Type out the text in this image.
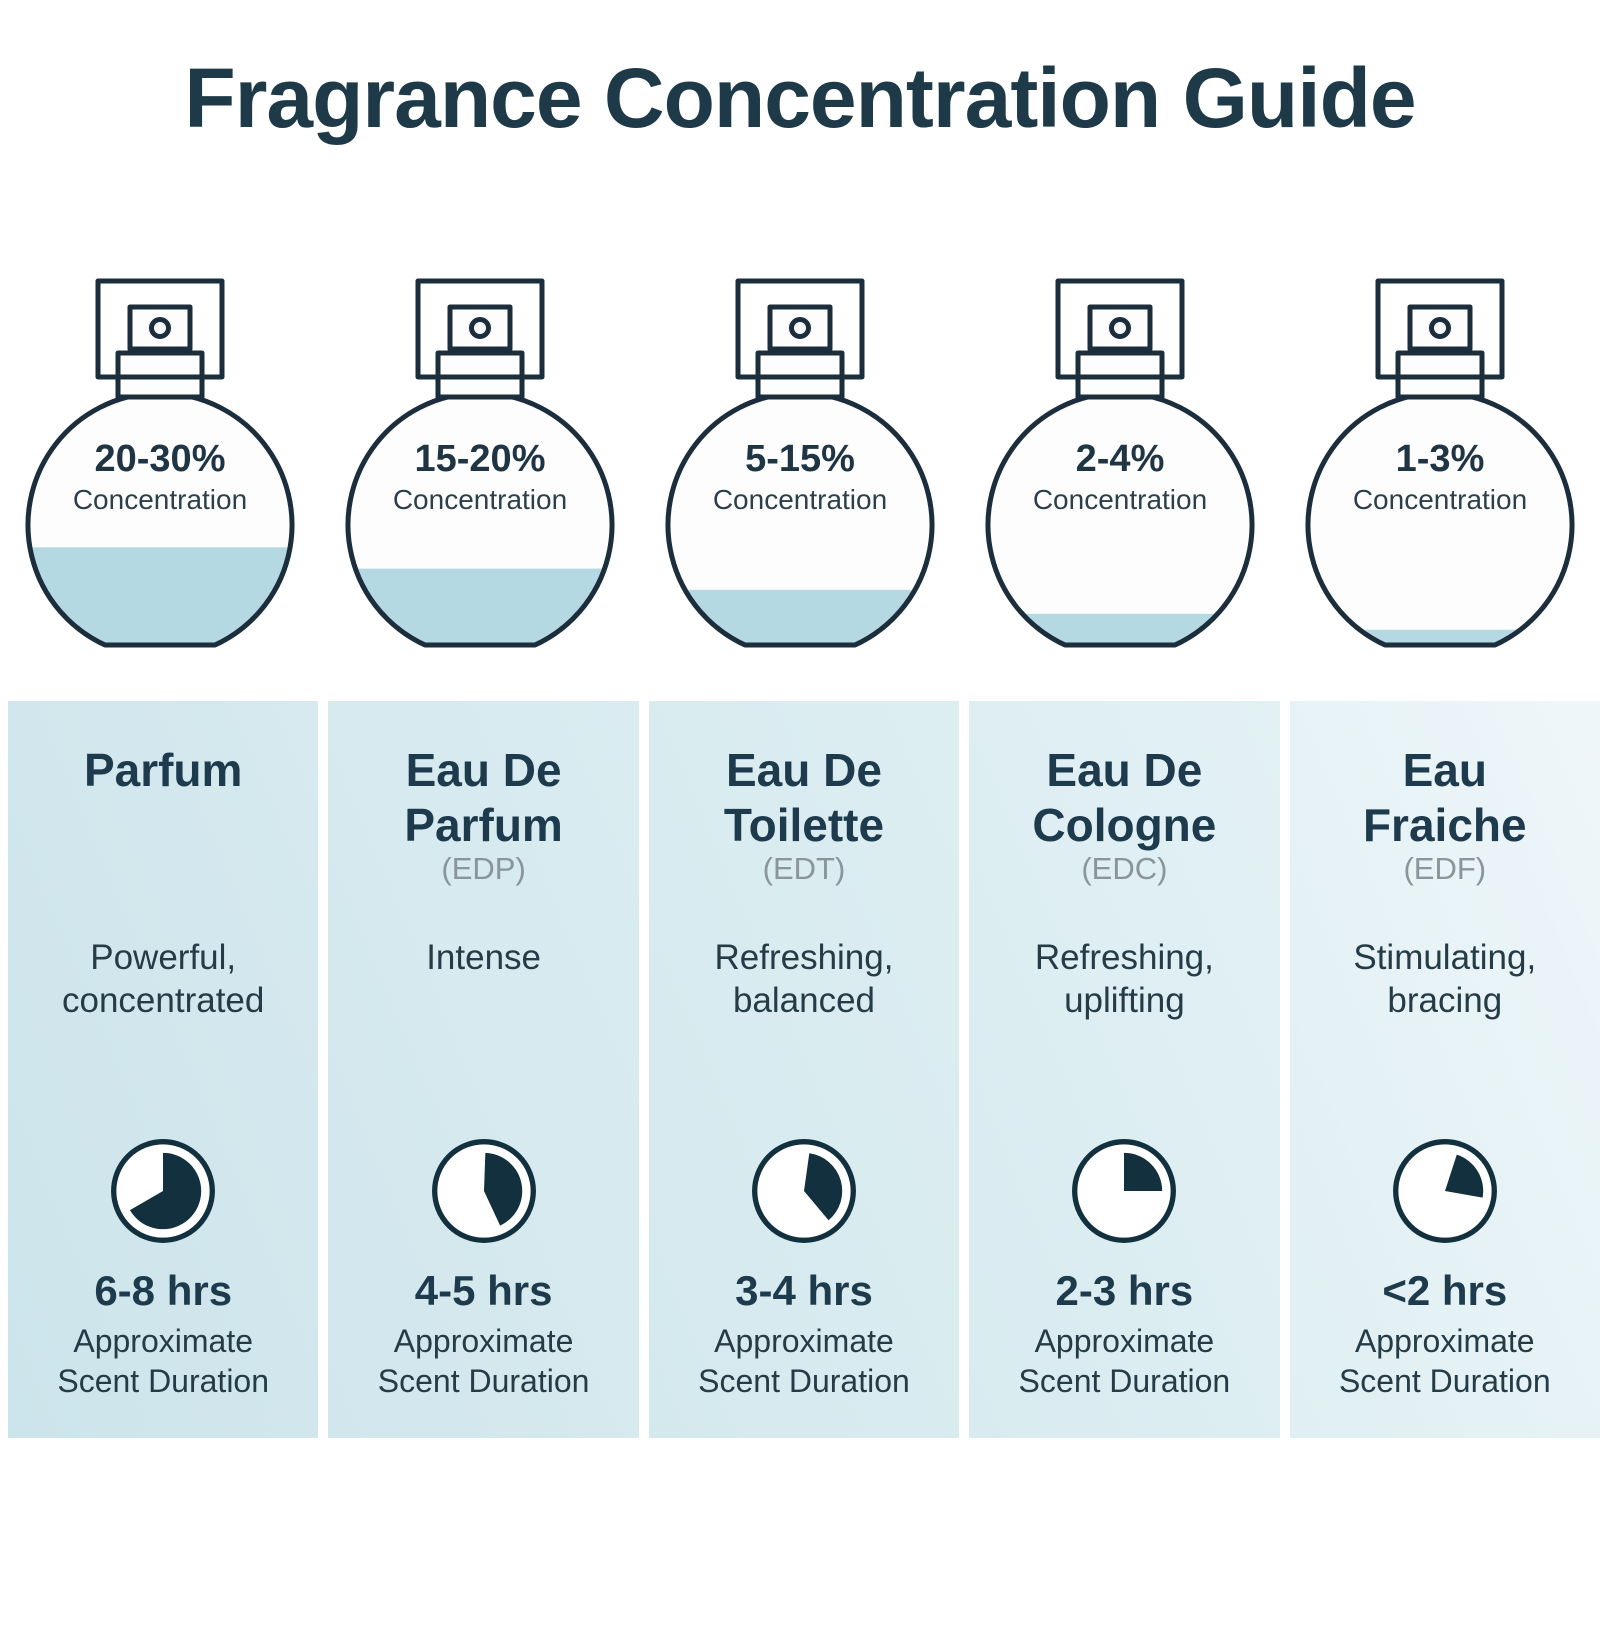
Fragrance Concentration Guide
20-30%
Concentration
15-20%
Concentration
5-15%
Concentration
2-4%
Concentration
1-3%
Concentration
Parfum
Powerful, concentrated
6-8 hrs
Approximate Scent Duration
Eau De Parfum
(EDP)
Intense
4-5 hrs
Approximate Scent Duration
Eau De Toilette
(EDT)
Refreshing, balanced
3-4 hrs
Approximate Scent Duration
Eau De Cologne
(EDC)
Refreshing, uplifting
2-3 hrs
Approximate Scent Duration
Eau Fraiche
(EDF)
Stimulating, bracing
<2 hrs
Approximate Scent Duration
